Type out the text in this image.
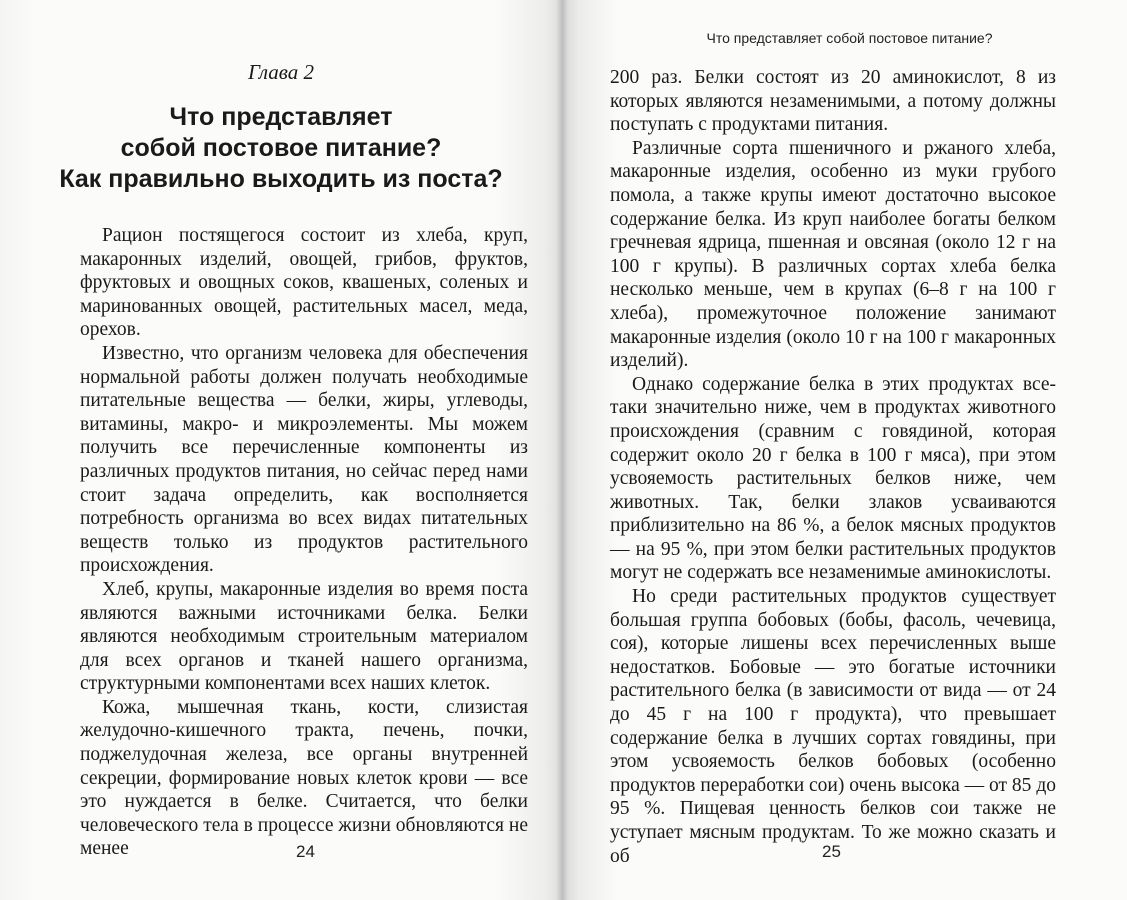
Глава 2
Что представляет
собой постовое питание?
Как правильно выходить из поста?

Рацион постящегося состоит из хлеба, круп, макаронных изделий, овощей, грибов, фруктов, фруктовых и овощных соков, квашеных, соленых и маринованных овощей, растительных масел, меда, орехов.

Известно, что организм человека для обеспечения нормальной работы должен получать необходимые питательные вещества — белки, жиры, углеводы, витамины, макро- и микроэлементы. Мы можем получить все перечисленные компоненты из различных продуктов питания, но сейчас перед нами стоит задача определить, как восполняется потребность организма во всех видах питательных веществ только из продуктов растительного происхождения.

Хлеб, крупы, макаронные изделия во время поста являются важными источниками белка. Белки являются необходимым строительным материалом для всех органов и тканей нашего организма, структурными компонентами всех наших клеток.

Кожа, мышечная ткань, кости, слизистая желудочно-кишечного тракта, печень, почки, поджелудочная железа, все органы внутренней секреции, формирование новых клеток крови — все это нуждается в белке. Считается, что белки человеческого тела в процессе жизни обновляются не менее	24
Что представляет собой постовое питание?

200 раз. Белки состоят из 20 аминокислот, 8 из которых являются незаменимыми, а потому должны поступать с продуктами питания.

Различные сорта пшеничного и ржаного хлеба, макаронные изделия, особенно из муки грубого помола, а также крупы имеют достаточно высокое содержание белка. Из круп наиболее богаты белком гречневая ядрица, пшенная и овсяная (около 12 г на 100 г крупы). В различных сортах хлеба белка несколько меньше, чем в крупах (6–8 г на 100 г хлеба), промежуточное положение занимают макаронные изделия (около 10 г на 100 г макаронных изделий).

Однако содержание белка в этих продуктах все-таки значительно ниже, чем в продуктах животного происхождения (сравним с говядиной, которая содержит около 20 г белка в 100 г мяса), при этом усвояемость растительных белков ниже, чем животных. Так, белки злаков усваиваются приблизительно на 86 %, а белок мясных продуктов — на 95 %, при этом белки растительных продуктов могут не содержать все незаменимые аминокислоты.

Но среди растительных продуктов существует большая группа бобовых (бобы, фасоль, чечевица, соя), которые лишены всех перечисленных выше недостатков. Бобовые — это богатые источники растительного белка (в зависимости от вида — от 24 до 45 г на 100 г продукта), что превышает содержание белка в лучших сортах говядины, при этом усвояемость белков бобовых (особенно продуктов переработки сои) очень высока — от 85 до 95 %. Пищевая ценность белков сои также не уступает мясным продуктам. То же можно сказать и об	25
